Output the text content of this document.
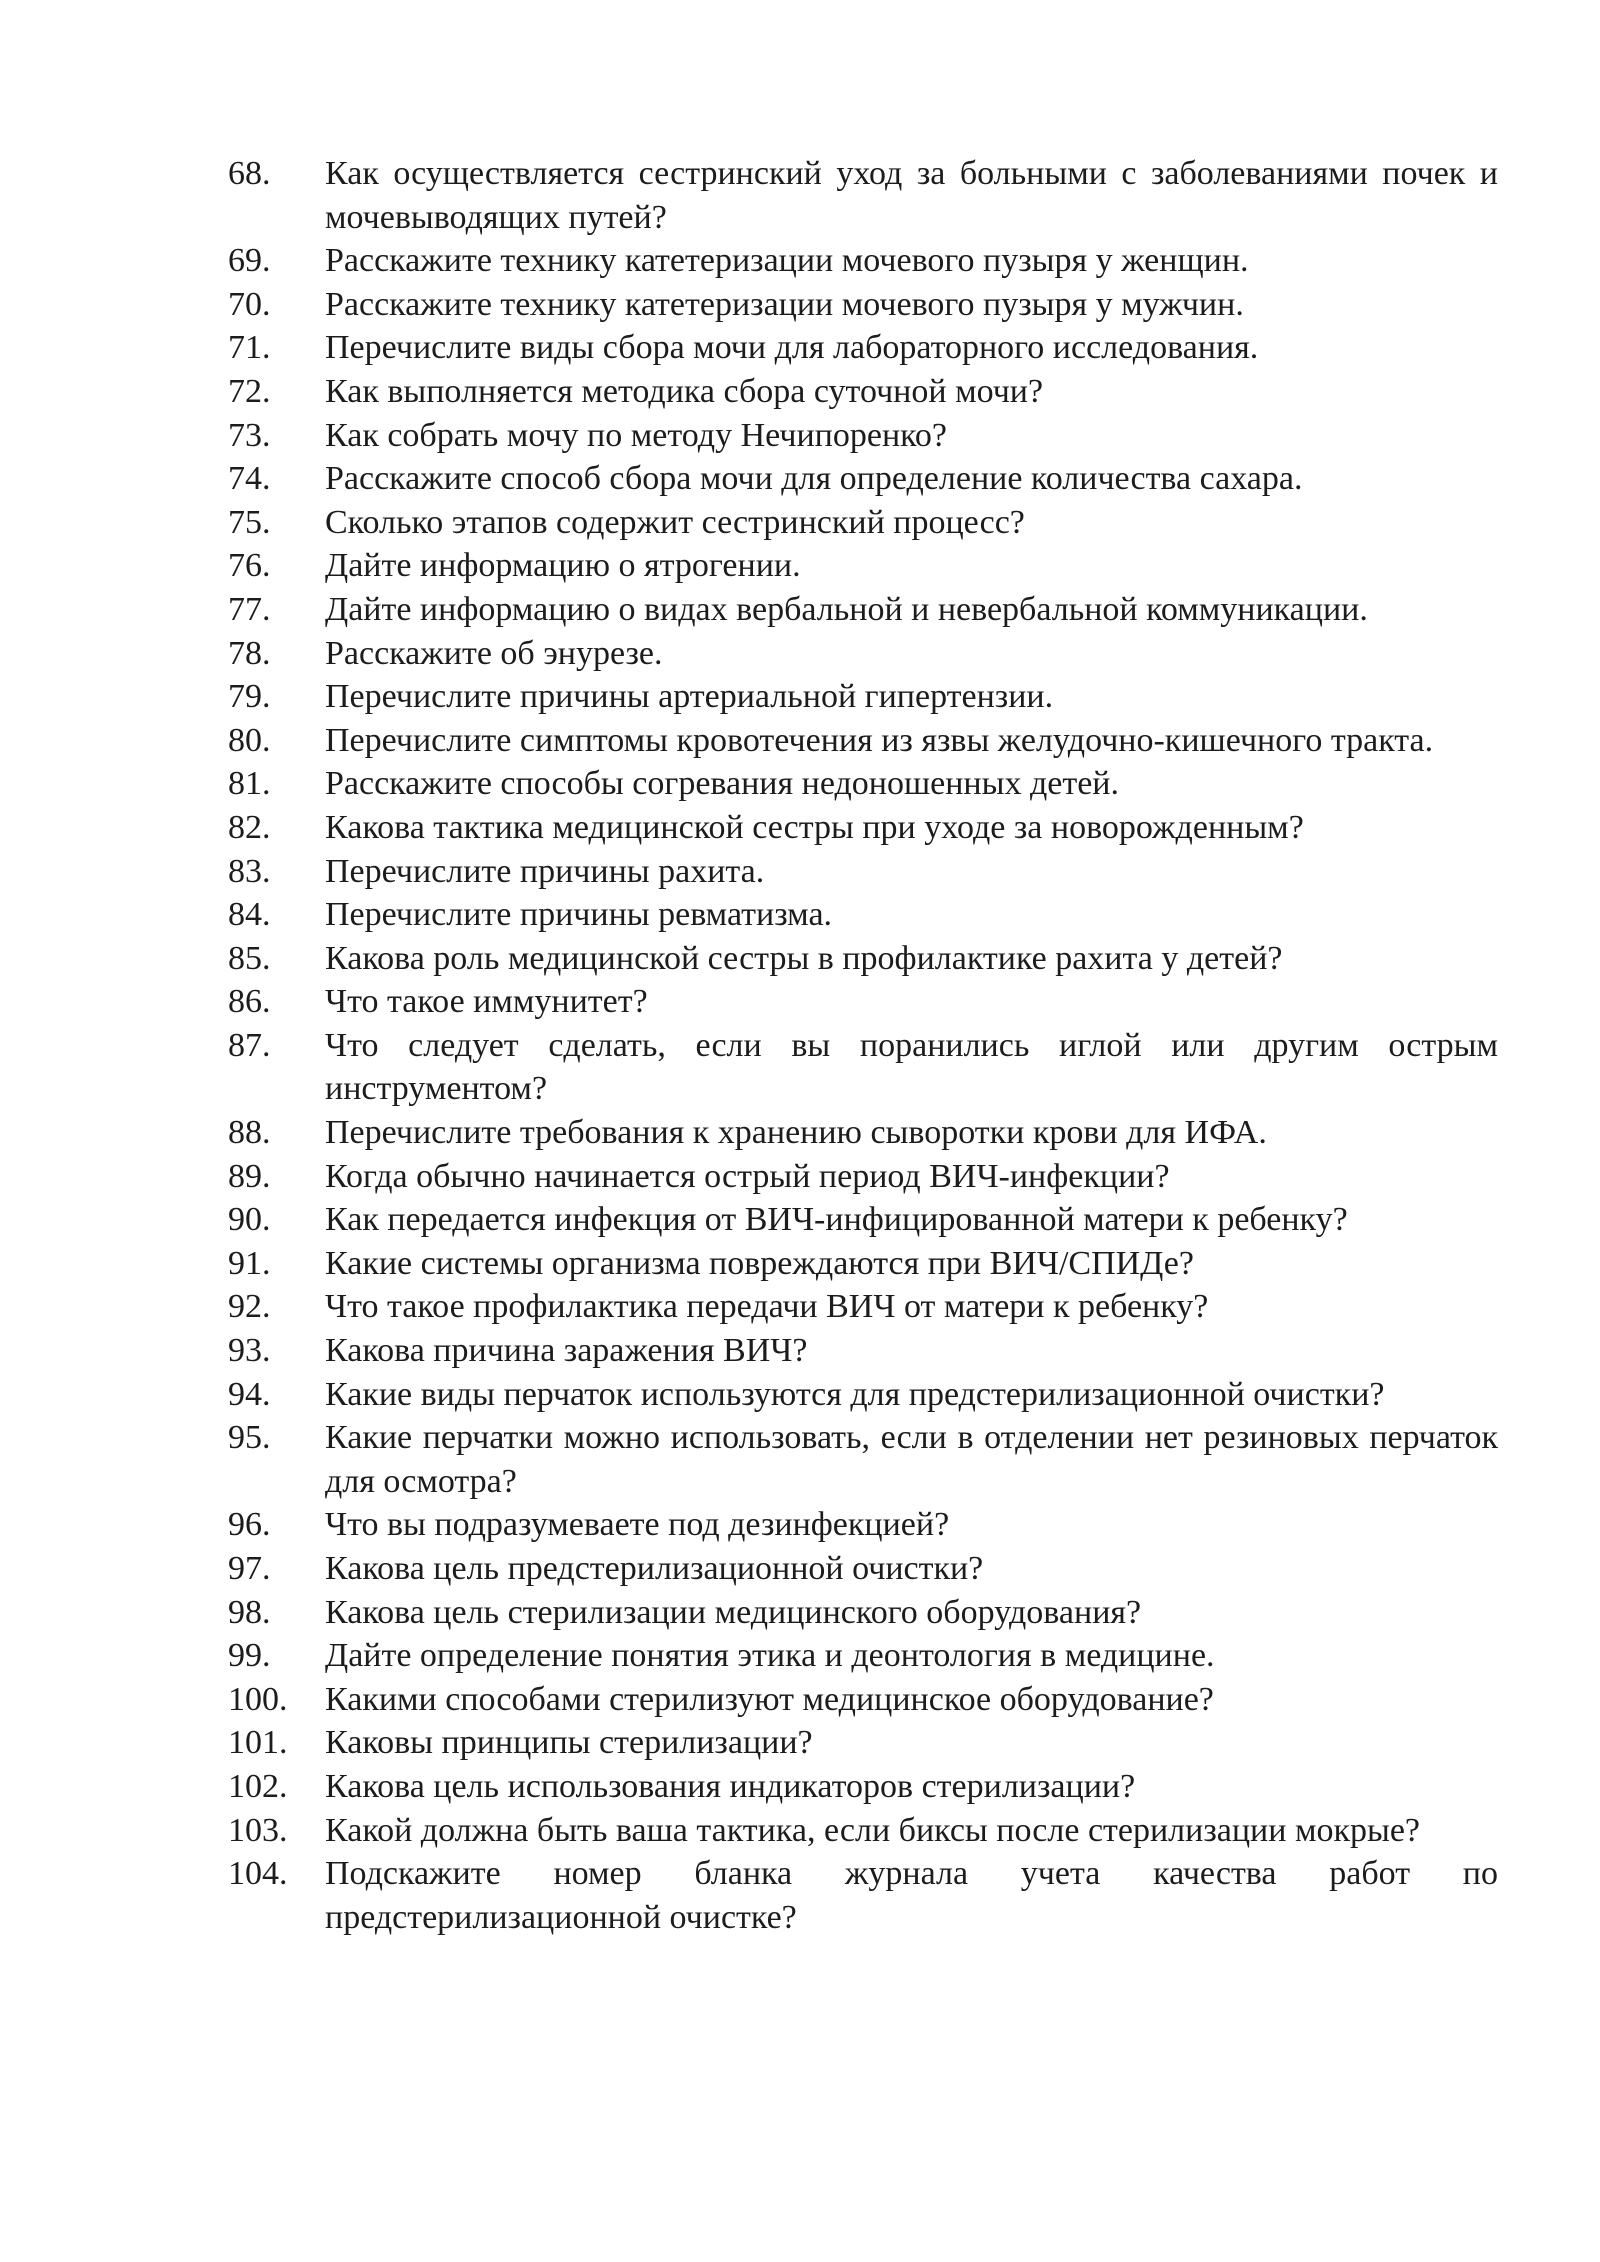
68.	Как осуществляется сестринский уход за больными с заболеваниями почек и мочевыводящих путей?
69.	Расскажите технику катетеризации мочевого пузыря у женщин.
70.	Расскажите технику катетеризации мочевого пузыря у мужчин.
71.	Перечислите виды сбора мочи для лабораторного исследования.
72.	Как выполняется методика сбора суточной мочи?
73.	Как собрать мочу по методу Нечипоренко?
74.	Расскажите способ сбора мочи для определение количества сахара.
75.	Сколько этапов содержит сестринский процесс?
76.	Дайте информацию о ятрогении.
77.	Дайте информацию о видах вербальной и невербальной коммуникации.
78.	Расскажите об энурезе.
79.	Перечислите причины артериальной гипертензии.
80.	Перечислите симптомы кровотечения из язвы желудочно-кишечного тракта.
81.	Расскажите способы согревания недоношенных детей.
82.	Какова тактика медицинской сестры при уходе за новорожденным?
83.	Перечислите причины рахита.
84.	Перечислите причины ревматизма.
85.	Какова роль медицинской сестры в профилактике рахита у детей?
86.	Что такое иммунитет?
87.	Что следует сделать, если вы поранились иглой или другим острым инструментом?
88.	Перечислите требования к хранению сыворотки крови для ИФА.
89.	Когда обычно начинается острый период ВИЧ-инфекции?
90.	Как передается инфекция от ВИЧ-инфицированной матери к ребенку?
91.	Какие системы организма повреждаются при ВИЧ/СПИДе?
92.	Что такое профилактика передачи ВИЧ от матери к ребенку?
93.	Какова причина заражения ВИЧ?
94.	Какие виды перчаток используются для предстерилизационной очистки?
95.	Какие перчатки можно использовать, если в отделении нет резиновых перчаток для осмотра?
96.	Что вы подразумеваете под дезинфекцией?
97.	Какова цель предстерилизационной очистки?
98.	Какова цель стерилизации медицинского оборудования?
99.	Дайте определение понятия этика и деонтология в медицине.
100.	Какими способами стерилизуют медицинское оборудование?
101.	Каковы принципы стерилизации?
102.	Какова цель использования индикаторов стерилизации?
103.	Какой должна быть ваша тактика, если биксы после стерилизации мокрые?
104.	Подскажите номер бланка журнала учета качества работ по предстерилизационной очистке?
